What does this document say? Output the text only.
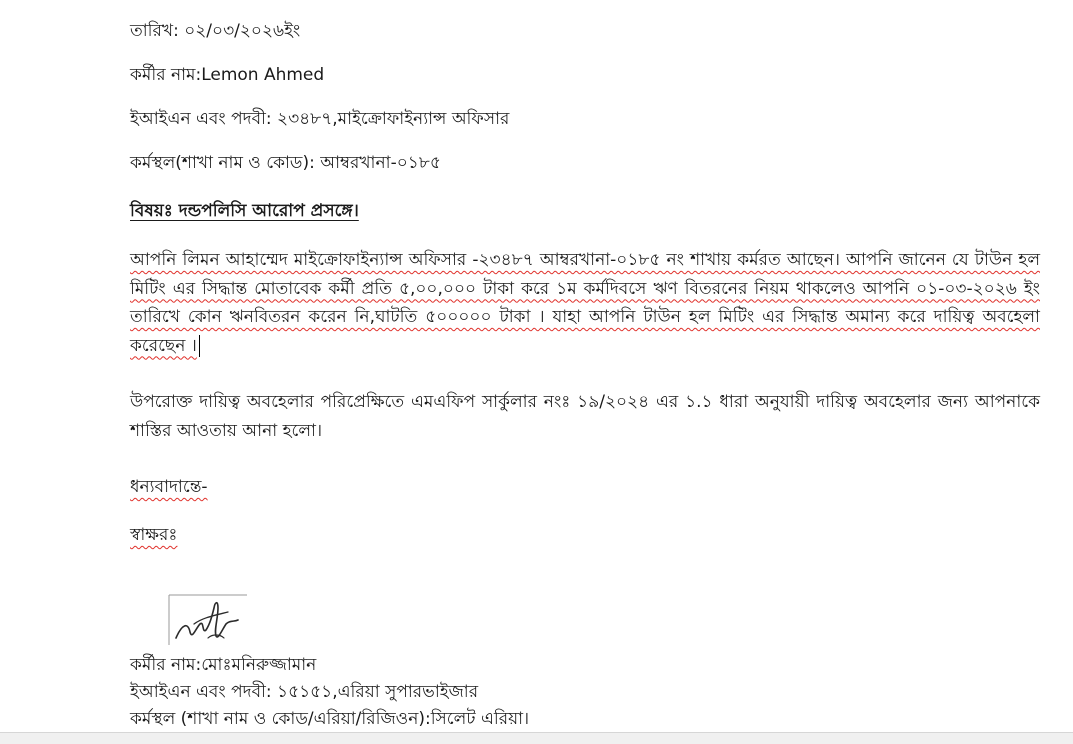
তারিখ: ০২/০৩/২০২৬ইং
কর্মীর নাম:Lemon Ahmed
ইআইএন এবং পদবী: ২৩৪৮৭,মাইক্রোফাইন্যান্স অফিসার
কর্মস্থল(শাখা নাম ও কোড): আম্বরখানা-০১৮৫
বিষয়ঃ দন্ডপলিসি আরোপ প্রসঙ্গে।
আপনি লিমন আহাম্মেদ মাইক্রোফাইন্যান্স অফিসার -২৩৪৮৭ আম্বরখানা-০১৮৫ নং শাখায় কর্মরত আছেন। আপনি জানেন যে টাউন হল মিটিং এর সিদ্ধান্ত মোতাবেক কর্মী প্রতি ৫,০০,০০০ টাকা করে ১ম কর্মদিবসে ঋণ বিতরনের নিয়ম থাকলেও আপনি ০১-০৩-২০২৬ ইং তারিখে কোন ঋনবিতরন করেন নি,ঘাটতি ৫০০০০০ টাকা । যাহা আপনি টাউন হল মিটিং এর সিদ্ধান্ত অমান্য করে দায়িত্ব অবহেলা করেছেন ।
উপরোক্ত দায়িত্ব অবহেলার পরিপ্রেক্ষিতে এমএফিপ সার্কুলার নংঃ ১৯/২০২৪ এর ১.১ ধারা অনুযায়ী দায়িত্ব অবহেলার জন্য আপনাকে শাস্তির আওতায় আনা হলো।
ধন্যবাদান্তে-
স্বাক্ষরঃ
কর্মীর নাম:মোঃমনিরুজ্জামান
ইআইএন এবং পদবী: ১৫১৫১,এরিয়া সুপারভাইজার
কর্মস্থল (শাখা নাম ও কোড/এরিয়া/রিজিওন):সিলেট এরিয়া।
